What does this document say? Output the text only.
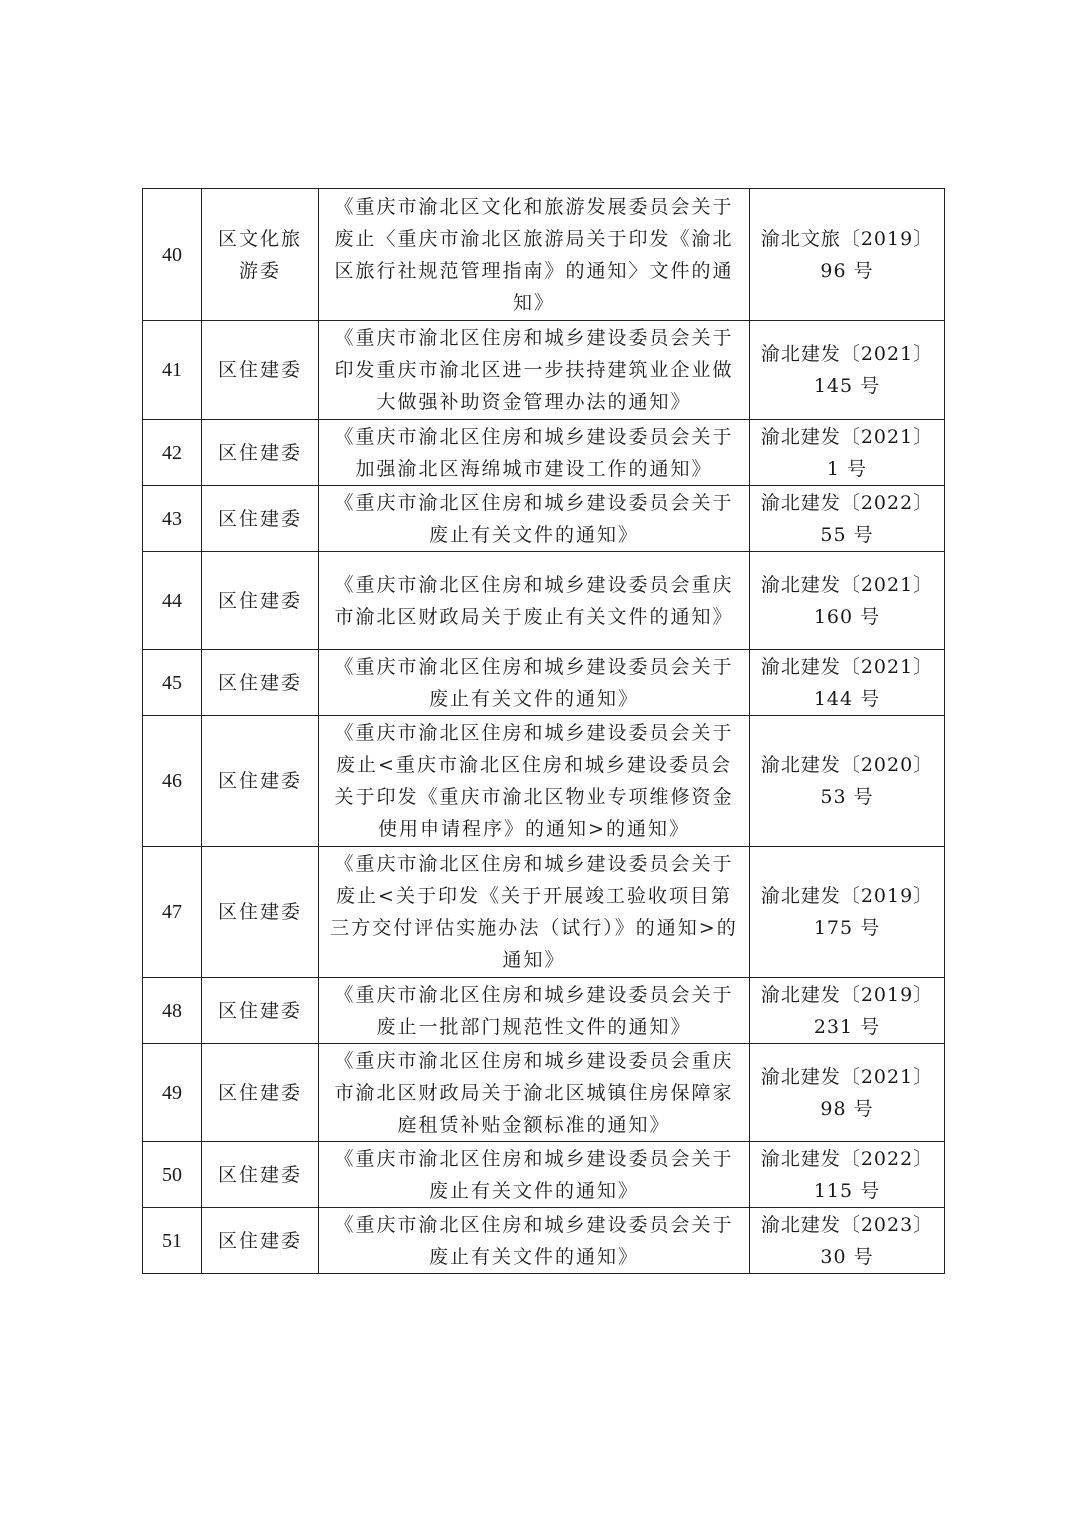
40	区文化旅游委	《重庆市渝北区文化和旅游发展委员会关于废止〈重庆市渝北区旅游局关于印发《渝北区旅行社规范管理指南》的通知〉文件的通知》	渝北文旅〔2019〕96 号
41	区住建委	《重庆市渝北区住房和城乡建设委员会关于印发重庆市渝北区进一步扶持建筑业企业做大做强补助资金管理办法的通知》	渝北建发〔2021〕145 号
42	区住建委	《重庆市渝北区住房和城乡建设委员会关于加强渝北区海绵城市建设工作的通知》	渝北建发〔2021〕1 号
43	区住建委	《重庆市渝北区住房和城乡建设委员会关于废止有关文件的通知》	渝北建发〔2022〕55 号
44	区住建委	《重庆市渝北区住房和城乡建设委员会重庆市渝北区财政局关于废止有关文件的通知》	渝北建发〔2021〕160 号
45	区住建委	《重庆市渝北区住房和城乡建设委员会关于废止有关文件的通知》	渝北建发〔2021〕144 号
46	区住建委	《重庆市渝北区住房和城乡建设委员会关于废止<重庆市渝北区住房和城乡建设委员会关于印发《重庆市渝北区物业专项维修资金使用申请程序》的通知>的通知》	渝北建发〔2020〕53 号
47	区住建委	《重庆市渝北区住房和城乡建设委员会关于废止<关于印发《关于开展竣工验收项目第三方交付评估实施办法（试行）》的通知>的通知》	渝北建发〔2019〕175 号
48	区住建委	《重庆市渝北区住房和城乡建设委员会关于废止一批部门规范性文件的通知》	渝北建发〔2019〕231 号
49	区住建委	《重庆市渝北区住房和城乡建设委员会重庆市渝北区财政局关于渝北区城镇住房保障家庭租赁补贴金额标准的通知》	渝北建发〔2021〕98 号
50	区住建委	《重庆市渝北区住房和城乡建设委员会关于废止有关文件的通知》	渝北建发〔2022〕115 号
51	区住建委	《重庆市渝北区住房和城乡建设委员会关于废止有关文件的通知》	渝北建发〔2023〕30 号
